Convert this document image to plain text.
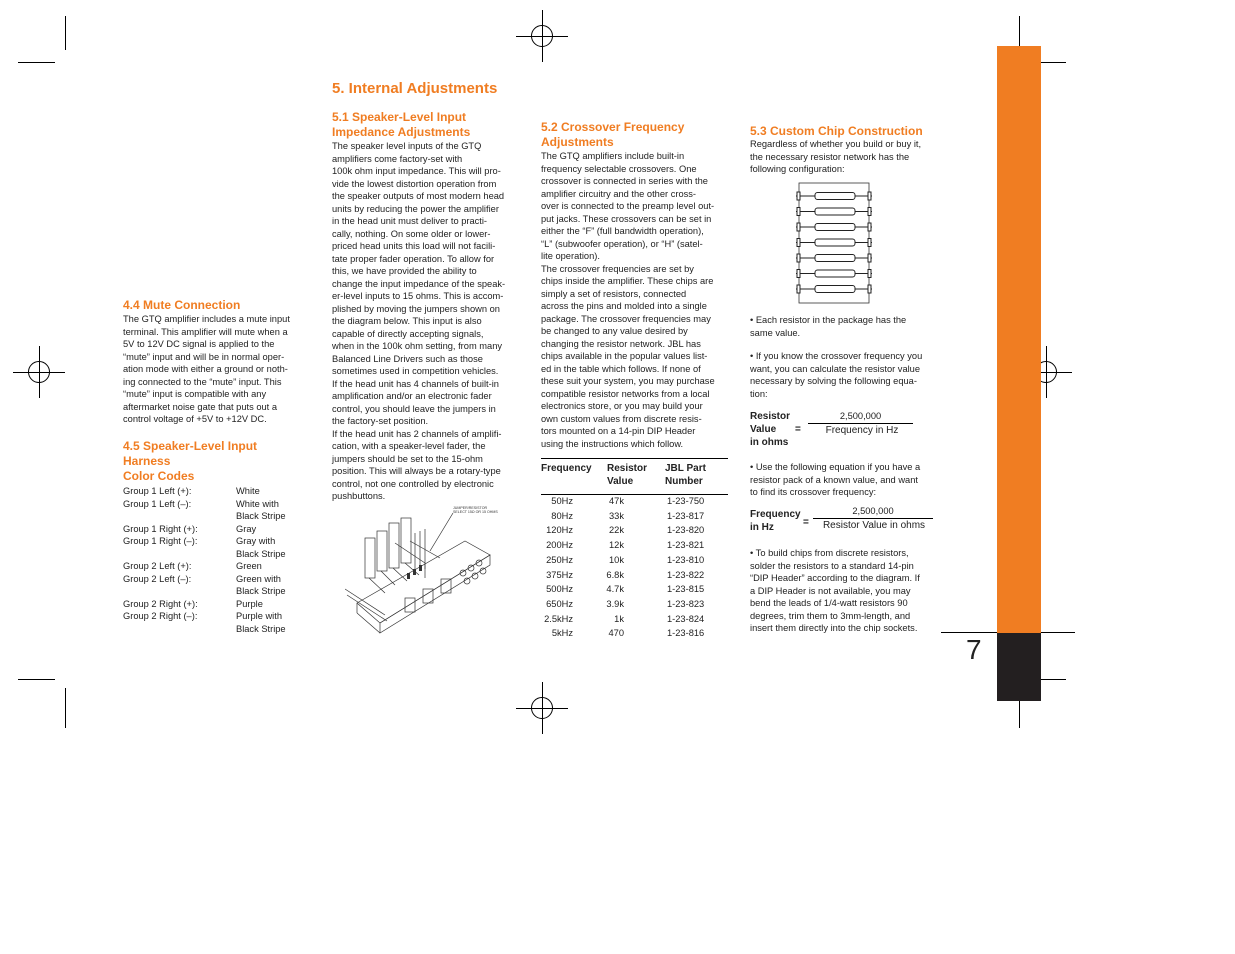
7
5. Internal Adjustments
4.4 Mute Connection
The GTQ amplifier includes a mute input
terminal. This amplifier will mute when a
5V to 12V DC signal is applied to the
“mute” input and will be in normal oper-
ation mode with either a ground or noth-
ing connected to the “mute” input. This
“mute” input is compatible with any
aftermarket noise gate that puts out a
control voltage of +5V to +12V DC.
4.5 Speaker-Level Input
Harness
Color Codes
Group 1 Left (+):	White
Group 1 Left (–):	White with
Black Stripe
Group 1 Right (+):	Gray
Group 1 Right (–):	Gray with
Black Stripe
Group 2 Left (+):	Green
Group 2 Left (–):	Green with
Black Stripe
Group 2 Right (+):	Purple
Group 2 Right (–):	Purple with
Black Stripe
5.1 Speaker-Level Input
Impedance Adjustments
The speaker level inputs of the GTQ
amplifiers come factory-set with
100k ohm input impedance. This will pro-
vide the lowest distortion operation from
the speaker outputs of most modern head
units by reducing the power the amplifier
in the head unit must deliver to practi-
cally, nothing. On some older or lower-
priced head units this load will not facili-
tate proper fader operation. To allow for
this, we have provided the ability to
change the input impedance of the speak-
er-level inputs to 15 ohms. This is accom-
plished by moving the jumpers shown on
the diagram below. This input is also
capable of directly accepting signals,
when in the 100k ohm setting, from many
Balanced Line Drivers such as those
sometimes used in competition vehicles.
If the head unit has 4 channels of built-in
amplification and/or an electronic fader
control, you should leave the jumpers in
the factory-set position.
If the head unit has 2 channels of amplifi-
cation, with a speaker-level fader, the
jumpers should be set to the 15-ohm
position. This will always be a rotary-type
control, not one controlled by electronic
pushbuttons.
JUMPER/RESISTOR
SELECT 15Ω OR 15 OHMS
5.2 Crossover Frequency
Adjustments
The GTQ amplifiers include built-in
frequency selectable crossovers. One
crossover is connected in series with the
amplifier circuitry and the other cross-
over is connected to the preamp level out-
put jacks. These crossovers can be set in
either the “F” (full bandwidth operation),
“L” (subwoofer operation), or “H” (satel-
lite operation).
The crossover frequencies are set by
chips inside the amplifier. These chips are
simply a set of resistors, connected
across the pins and molded into a single
package. The crossover frequencies may
be changed to any value desired by
changing the resistor network. JBL has
chips available in the popular values list-
ed in the table which follows. If none of
these suit your system, you may purchase
compatible resistor networks from a local
electronics store, or you may build your
own custom values from discrete resis-
tors mounted on a 14-pin DIP Header
using the instructions which follow.
Frequency	Resistor
Value	JBL Part
Number
50Hz	47k	1-23-750
80Hz	33k	1-23-817
120Hz	22k	1-23-820
200Hz	12k	1-23-821
250Hz	10k	1-23-810
375Hz	6.8k	1-23-822
500Hz	4.7k	1-23-815
650Hz	3.9k	1-23-823
2.5kHz	1k	1-23-824
5kHz	470	1-23-816
5.3 Custom Chip Construction
Regardless of whether you build or buy it,
the necessary resistor network has the
following configuration:
• Each resistor in the package has the
same value.
• If you know the crossover frequency you
want, you can calculate the resistor value
necessary by solving the following equa-
tion:
Resistor
Value
in ohms
=
2,500,000
Frequency in Hz
• Use the following equation if you have a
resistor pack of a known value, and want
to find its crossover frequency:
Frequency
in Hz	=
2,500,000
Resistor Value in ohms
• To build chips from discrete resistors,
solder the resistors to a standard 14-pin
“DIP Header” according to the diagram. If
a DIP Header is not available, you may
bend the leads of 1/4-watt resistors 90
degrees, trim them to 3mm-length, and
insert them directly into the chip sockets.
